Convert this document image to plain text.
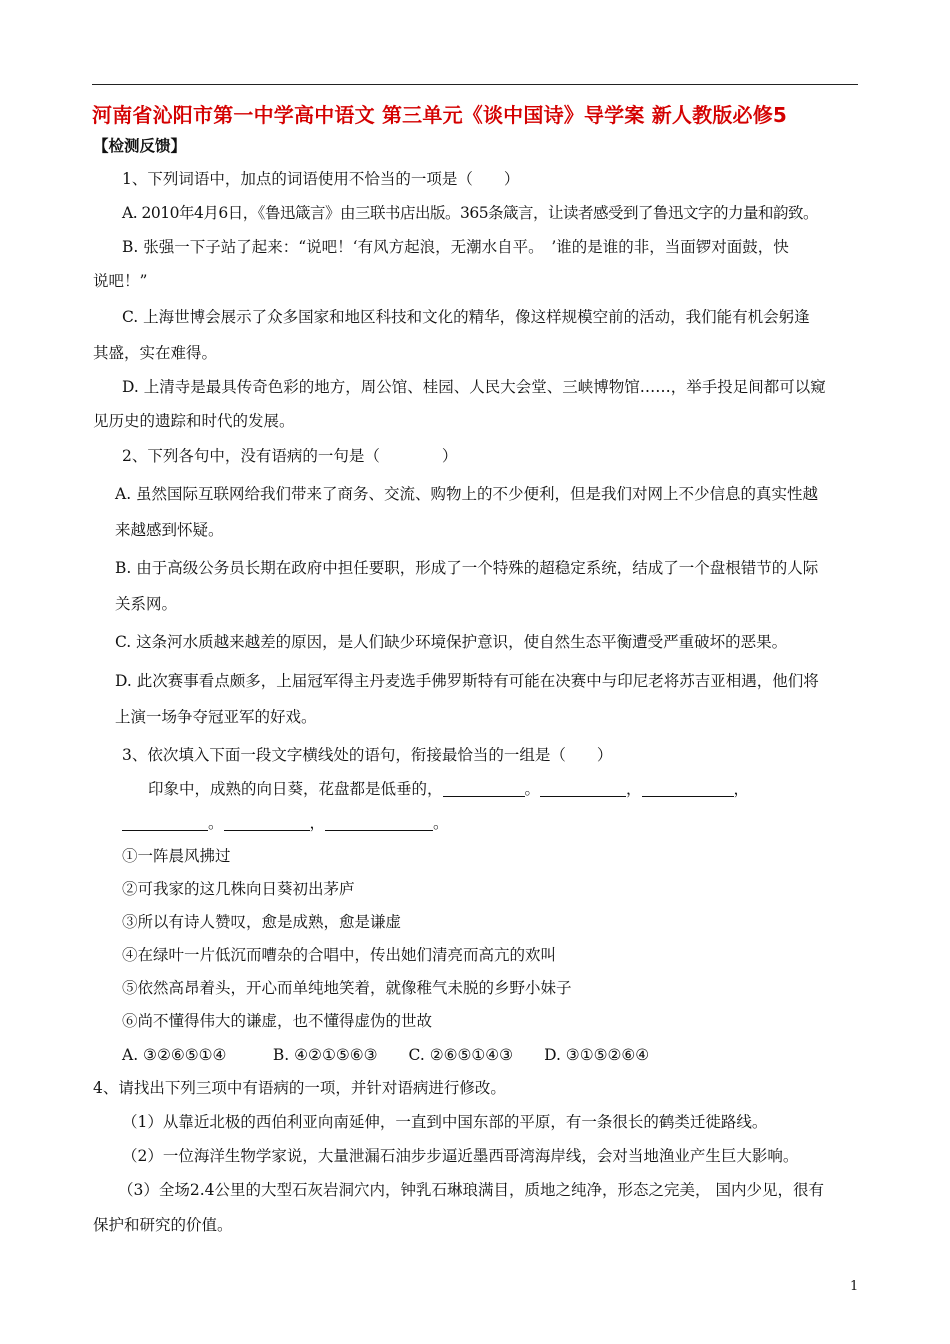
河南省沁阳市第一中学高中语文 第三单元《谈中国诗》导学案 新人教版必修5
【检测反馈】
1、下列词语中，加点的词语使用不恰当的一项是（　　）
A. 2010年4月6日，《鲁迅箴言》由三联书店出版。365条箴言，让读者感受到了鲁迅文字的力量和韵致。
B. 张强一下子站了起来：“说吧！‘有风方起浪，无潮水自平。　’谁的是谁的非，当面锣对面鼓，快
说吧！”
C. 上海世博会展示了众多国家和地区科技和文化的精华，像这样规模空前的活动，我们能有机会躬逢
其盛，实在难得。
D. 上清寺是最具传奇色彩的地方，周公馆、桂园、人民大会堂、三峡博物馆……，举手投足间都可以窥
见历史的遗踪和时代的发展。
2、下列各句中，没有语病的一句是（　　　　）
A. 虽然国际互联网给我们带来了商务、交流、购物上的不少便利，但是我们对网上不少信息的真实性越
来越感到怀疑。
B. 由于高级公务员长期在政府中担任要职，形成了一个特殊的超稳定系统，结成了一个盘根错节的人际
关系网。
C. 这条河水质越来越差的原因，是人们缺少环境保护意识，使自然生态平衡遭受严重破坏的恶果。
D. 此次赛事看点颇多，上届冠军得主丹麦选手佛罗斯特有可能在决赛中与印尼老将苏吉亚相遇，他们将
上演一场争夺冠亚军的好戏。
3、依次填入下面一段文字横线处的语句，衔接最恰当的一组是（　　）
印象中，成熟的向日葵，花盘都是低垂的，	。	，	，
。	，	。
①一阵晨风拂过
②可我家的这几株向日葵初出茅庐
③所以有诗人赞叹，愈是成熟，愈是谦虚
④在绿叶一片低沉而嘈杂的合唱中，传出她们清亮而高亢的欢叫
⑤依然高昂着头，开心而单纯地笑着，就像稚气未脱的乡野小妹子
⑥尚不懂得伟大的谦虚，也不懂得虚伪的世故
A. ③②⑥⑤①④　　　B. ④②①⑤⑥③　　C. ②⑥⑤①④③　　D. ③①⑤②⑥④
4、请找出下列三项中有语病的一项，并针对语病进行修改。
（1）从靠近北极的西伯利亚向南延伸，一直到中国东部的平原，有一条很长的鹤类迁徙路线。
（2）一位海洋生物学家说，大量泄漏石油步步逼近墨西哥湾海岸线，会对当地渔业产生巨大影响。
（3）全场2.4公里的大型石灰岩洞穴内，钟乳石琳琅满目，质地之纯净，形态之完美， 国内少见，很有
保护和研究的价值。
1
